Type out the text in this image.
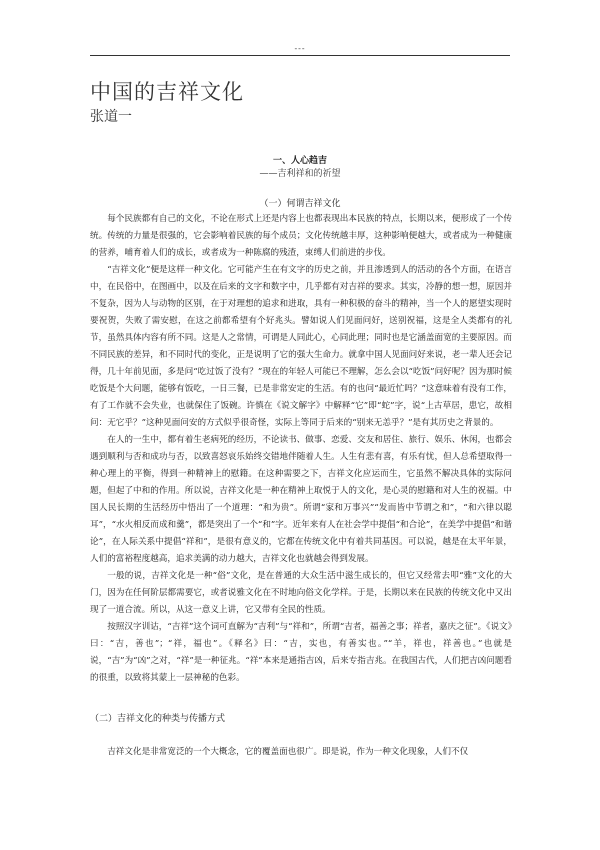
---
中国的吉祥文化
张道一
一、人心趋吉
——吉利祥和的祈望
（一）何谓吉祥文化

每个民族都有自己的文化，不论在形式上还是内容上也都表现出本民族的特点，长期以来，便形成了一个传统。传统的力量是很强的，它会影响着民族的每个成员；文化传统越丰厚，这种影响便越大，或者成为一种健康的营养，哺育着人们的成长，或者成为一种陈腐的残渣，束缚人们前进的步伐。

“吉祥文化”便是这样一种文化。它可能产生在有文字的历史之前，并且渗透到人的活动的各个方面，在语言中，在民俗中，在图画中，以及在后来的文字和数字中，几乎都有对吉祥的要求。其实，冷静的想一想，原因并不复杂，因为人与动物的区别，在于对理想的追求和进取，具有一种积极的奋斗的精神，当一个人的愿望实现时要祝贺，失败了需安慰，在这之前都希望有个好兆头。譬如说人们见面问好，送别祝福，这是全人类都有的礼节，虽然具体内容有所不同。这是人之常情，可谓是人同此心，心同此理；同时也是它涵盖面宽的主要原因。而不同民族的差异，和不同时代的变化，正是说明了它的强大生命力。就拿中国人见面问好来说，老一辈人还会记得，几十年前见面，多是问“吃过饭了没有？”现在的年轻人可能已不理解，怎么会以“吃饭”问好呢？因为那时候吃饭是个大问题，能够有饭吃，一日三餐，已是非常安定的生活。有的也问“最近忙吗？”这意味着有没有工作，有了工作就不会失业，也就保住了饭碗。许慎在《说文解字》中解释“它”即“蛇”字，说“上古草居，患它，故相问：无它乎？”这种见面问安的方式似乎很奇怪，实际上等同于后来的“别来无恙乎？”是有其历史之背景的。

在人的一生中，都有着生老病死的经历，不论读书、做事、恋爱、交友和居住、旅行、娱乐、休闲，也都会遇到顺利与否和成功与否，以致喜怒哀乐始终交错地伴随着人生。人生有悲有喜，有乐有忧，但人总希望取得一种心理上的平衡，得到一种精神上的慰籍。在这种需要之下，吉祥文化应运而生，它虽然不解决具体的实际问题，但起了中和的作用。所以说，吉祥文化是一种在精神上取悦于人的文化，是心灵的慰籍和对人生的祝福。中国人民长期的生活经历中悟出了一个道理：“和为贵”。所谓“家和万事兴”“发而皆中节谓之和”，“和六律以聪耳”，“水火相反而成和羹”，都是突出了一个“和”字。近年来有人在社会学中提倡“和合论”，在美学中提倡“和谐论”，在人际关系中提倡“祥和”，是很有意义的，它都在传统文化中有着共同基因。可以说，越是在太平年景，人们的富裕程度越高，追求美满的动力越大，吉祥文化也就越会得到发展。

一般的说，吉祥文化是一种“俗”文化，是在普通的大众生活中滋生成长的，但它又经常去叩“雅”文化的大门，因为在任何阶层都需要它，或者说雅文化在不时地向俗文化学样。于是，长期以来在民族的传统文化中又出现了一道合流。所以，从这一意义上讲，它又带有全民的性质。

按照汉字训诂，“吉祥”这个词可直解为“吉利”与“祥和”，所谓“吉者，福善之事；祥者，嘉庆之征”。《说文》曰：“吉，善也”；“祥，福也”。《释名》曰：“吉，实也，有善实也。”“羊，祥也，祥善也。”也就是说，“吉”为“凶”之对，“祥”是一种征兆。“祥”本来是通指吉凶，后来专指吉兆。在我国古代，人们把吉凶问题看的很重，以致将其蒙上一层神秘的色彩。

（二）吉祥文化的种类与传播方式

吉祥文化是非常宽泛的一个大概念，它的覆盖面也很广。即是说，作为一种文化现象，人们不仅
